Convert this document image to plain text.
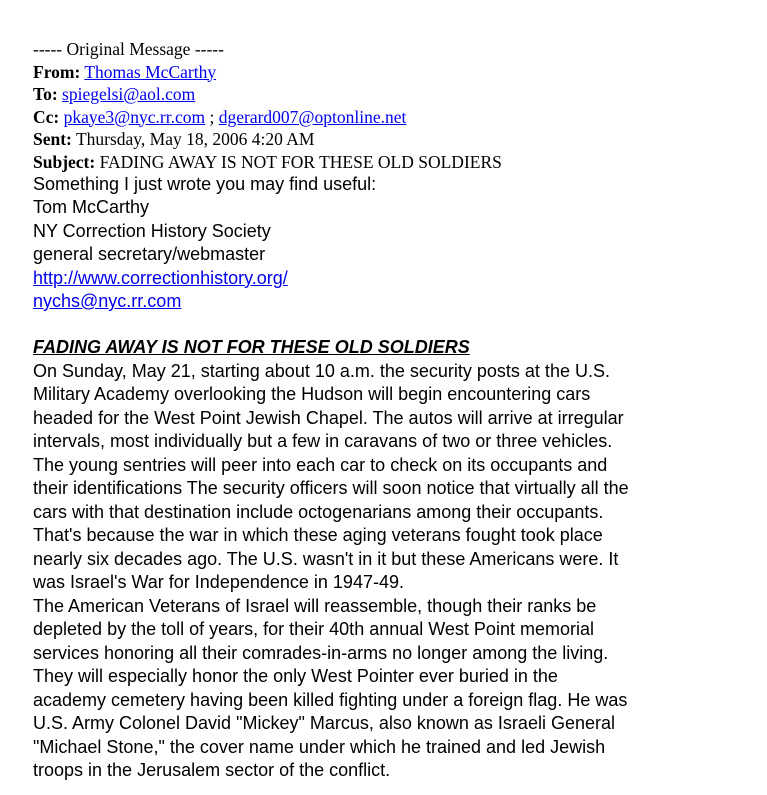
----- Original Message -----
From: Thomas McCarthy
To: spiegelsi@aol.com
Cc: pkaye3@nyc.rr.com ; dgerard007@optonline.net
Sent: Thursday, May 18, 2006 4:20 AM
Subject: FADING AWAY IS NOT FOR THESE OLD SOLDIERS
Something I just wrote you may find useful:
Tom McCarthy
NY Correction History Society
general secretary/webmaster
http://www.correctionhistory.org/
nychs@nyc.rr.com
FADING AWAY IS NOT FOR THESE OLD SOLDIERS
On Sunday, May 21, starting about 10 a.m. the security posts at the U.S.
Military Academy overlooking the Hudson will begin encountering cars
headed for the West Point Jewish Chapel. The autos will arrive at irregular
intervals, most individually but a few in caravans of two or three vehicles.
The young sentries will peer into each car to check on its occupants and
their identifications The security officers will soon notice that virtually all the
cars with that destination include octogenarians among their occupants.
That's because the war in which these aging veterans fought took place
nearly six decades ago. The U.S. wasn't in it but these Americans were. It
was Israel's War for Independence in 1947-49.
The American Veterans of Israel will reassemble, though their ranks be
depleted by the toll of years, for their 40th annual West Point memorial
services honoring all their comrades-in-arms no longer among the living.
They will especially honor the only West Pointer ever buried in the
academy cemetery having been killed fighting under a foreign flag. He was
U.S. Army Colonel David "Mickey" Marcus, also known as Israeli General
"Michael Stone," the cover name under which he trained and led Jewish
troops in the Jerusalem sector of the conflict.
